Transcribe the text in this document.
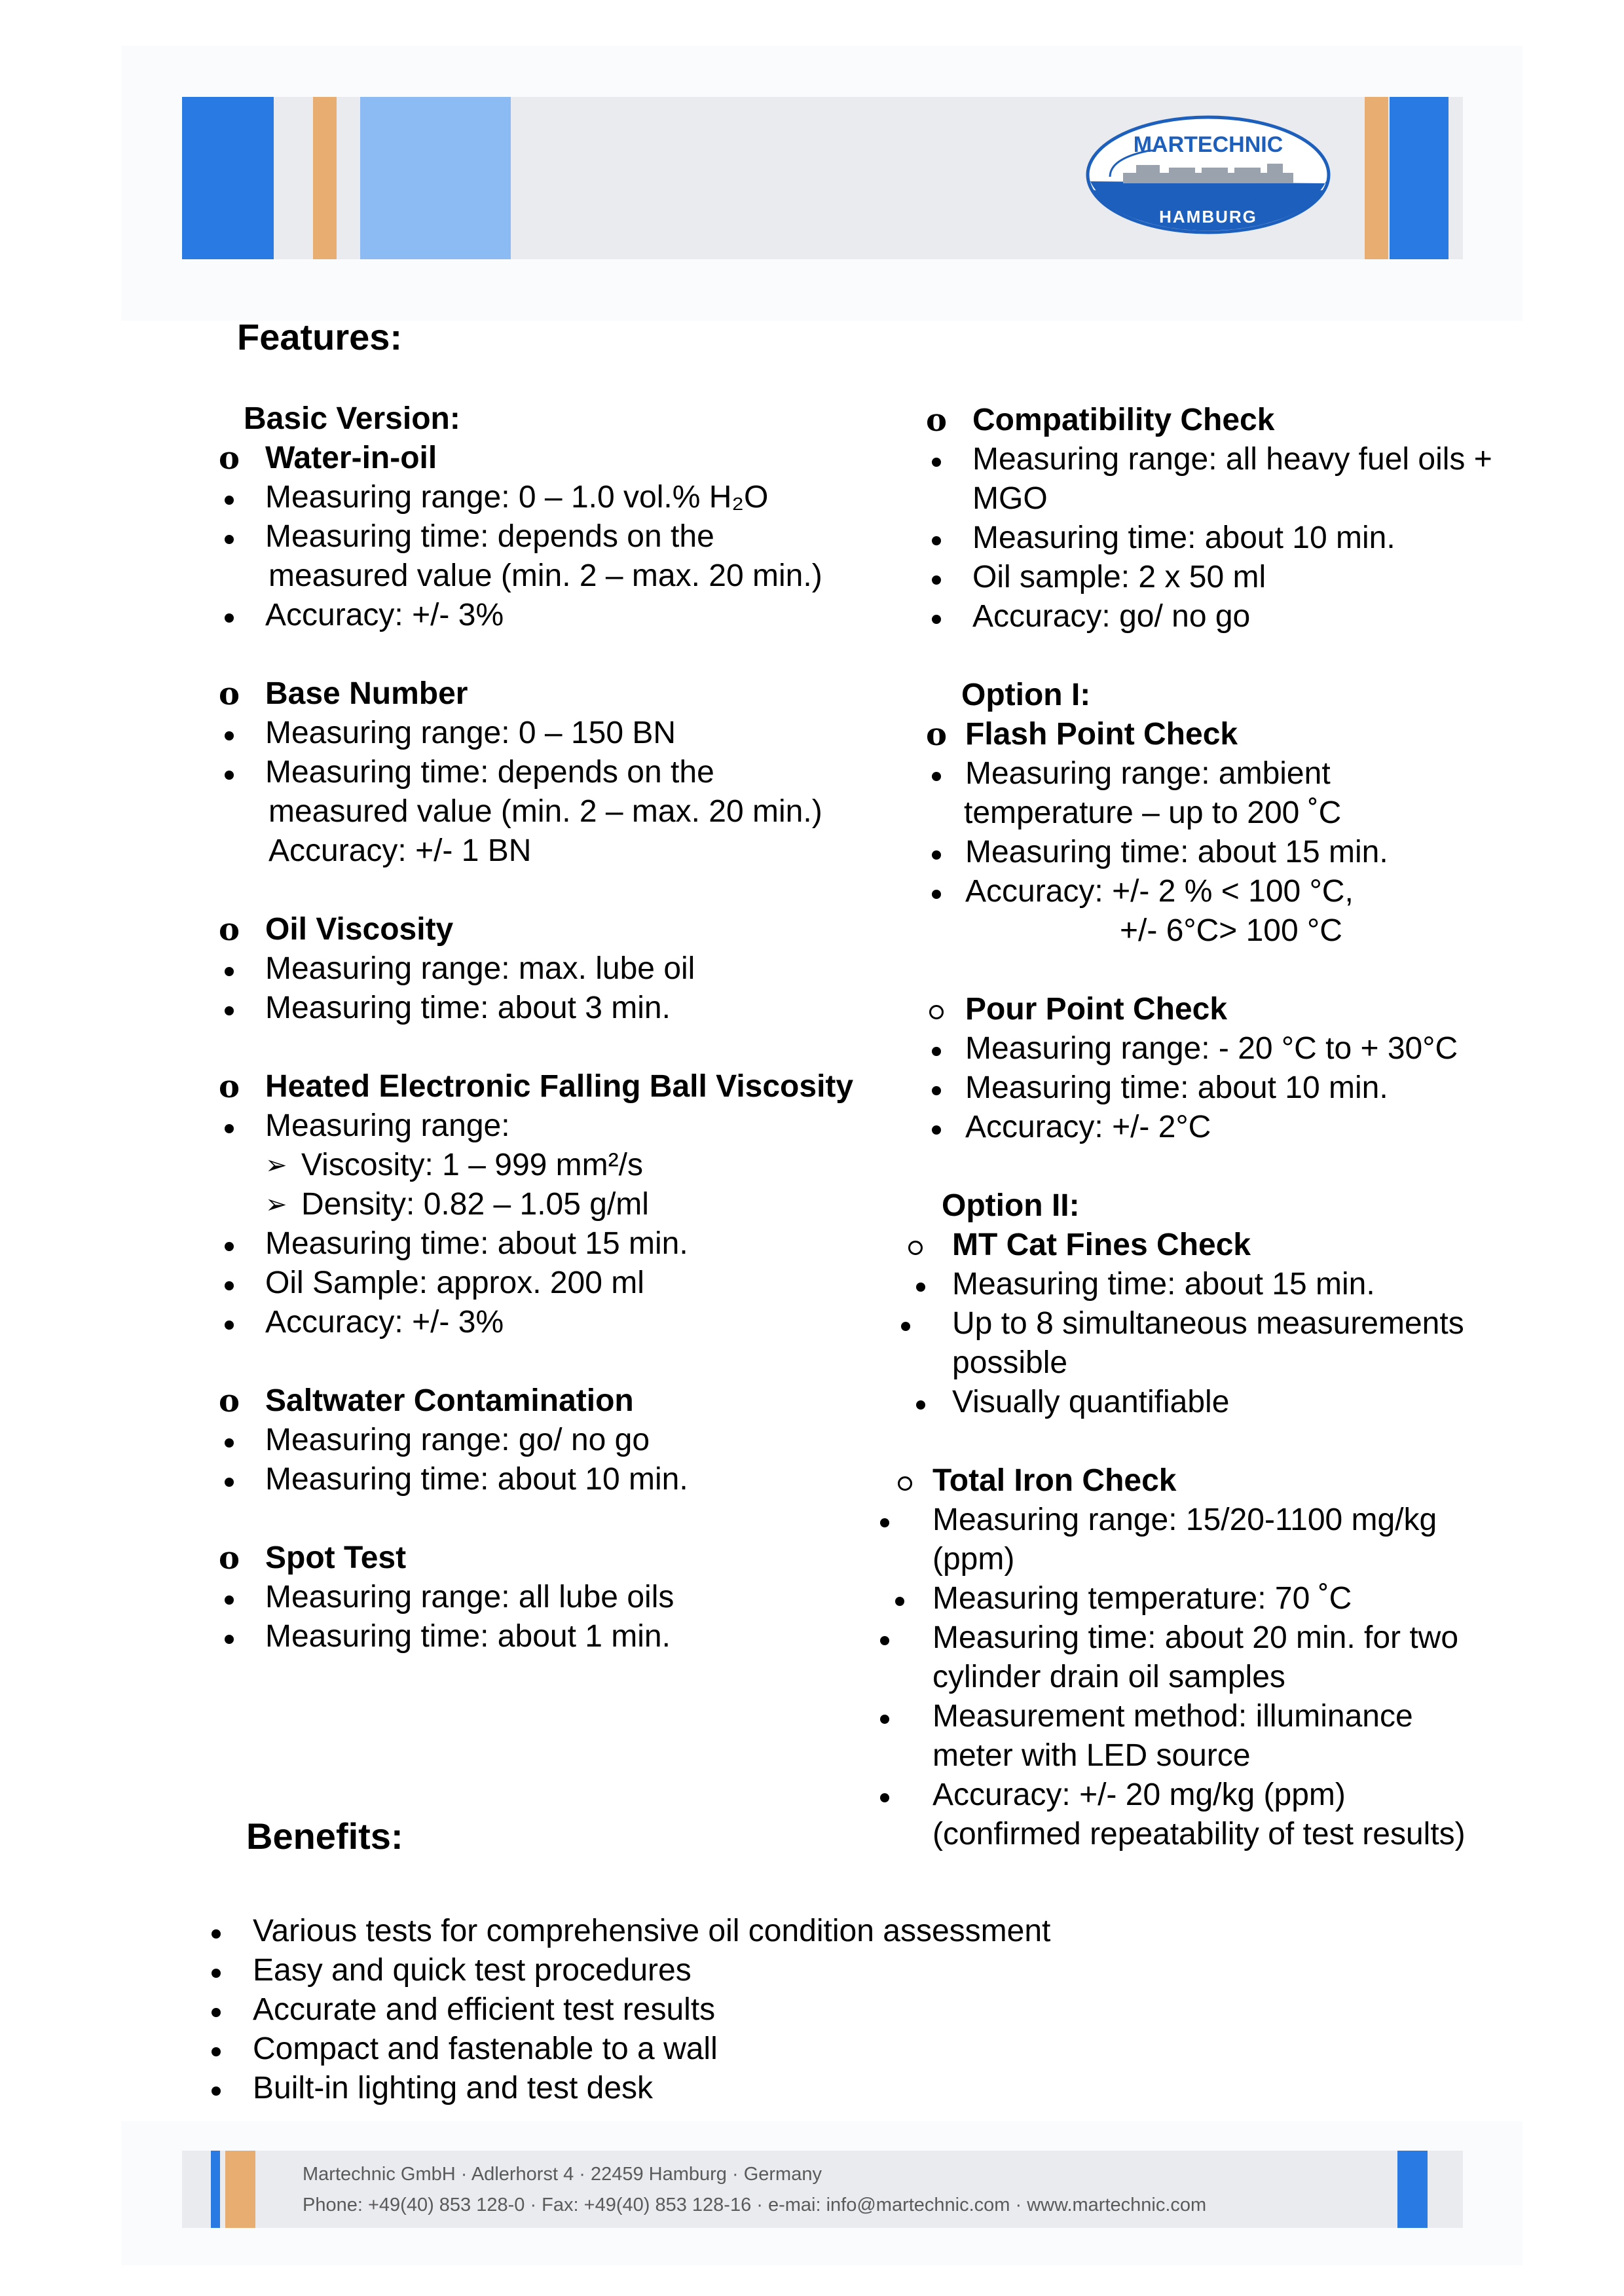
MARTECHNIC
HAMBURG
Features:
Basic Version:
ο Water-in-oil
Measuring range: 0 – 1.0 vol.% H₂O
Measuring time: depends on the
measured value (min. 2 – max. 20 min.)
Accuracy: +/- 3%
ο Base Number
Measuring range: 0 – 150 BN
Measuring time: depends on the
measured value (min. 2 – max. 20 min.)
Accuracy: +/- 1 BN
ο Oil Viscosity
Measuring range: max. lube oil
Measuring time: about 3 min.
ο Heated Electronic Falling Ball Viscosity
Measuring range:
➢ Viscosity: 1 – 999 mm²/s
➢ Density: 0.82 – 1.05 g/ml
Measuring time: about 15 min.
Oil Sample: approx. 200 ml
Accuracy: +/- 3%
ο Saltwater Contamination
Measuring range: go/ no go
Measuring time: about 10 min.
ο Spot Test
Measuring range: all lube oils
Measuring time: about 1 min.
ο Compatibility Check
Measuring range: all heavy fuel oils +
MGO
Measuring time: about 10 min.
Oil sample: 2 x 50 ml
Accuracy: go/ no go
Option I:
ο Flash Point Check
Measuring range: ambient
temperature – up to 200 ˚C
Measuring time: about 15 min.
Accuracy: +/- 2 % < 100 °C,
+/- 6°C> 100 °C
Pour Point Check
Measuring range: - 20 °C to + 30°C
Measuring time: about 10 min.
Accuracy: +/- 2°C
Option II:
MT Cat Fines Check
Measuring time: about 15 min.
Up to 8 simultaneous measurements
possible
Visually quantifiable
Total Iron Check
Measuring range: 15/20-1100 mg/kg
(ppm)
Measuring temperature: 70 ˚C
Measuring time: about 20 min. for two
cylinder drain oil samples
Measurement method: illuminance
meter with LED source
Accuracy: +/- 20 mg/kg (ppm)
(confirmed repeatability of test results)
Benefits:
Various tests for comprehensive oil condition assessment
Easy and quick test procedures
Accurate and efficient test results
Compact and fastenable to a wall
Built-in lighting and test desk
Martechnic GmbH · Adlerhorst 4 · 22459 Hamburg · Germany
Phone: +49(40) 853 128-0 · Fax: +49(40) 853 128-16 · e-mai: info@martechnic.com · www.martechnic.com
